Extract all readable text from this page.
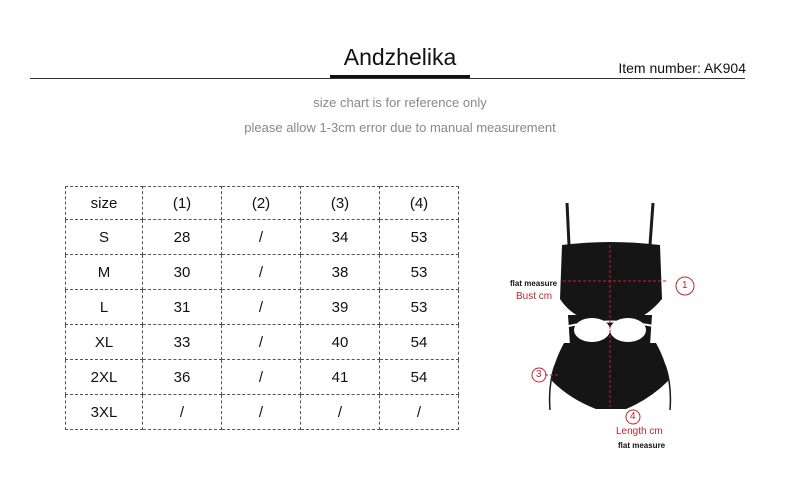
Andzhelika	Item number: AK904
size chart is for reference only
please allow 1-3cm error due to manual measurement
size	(1)	(2)	(3)	(4)
S	28	/	34	53
M	30	/	38	53
L	31	/	39	53
XL	33	/	40	54
2XL	36	/	41	54
3XL	/	/	/	/
flat measure
Bust cm
1
3
4
Length cm
flat measure
